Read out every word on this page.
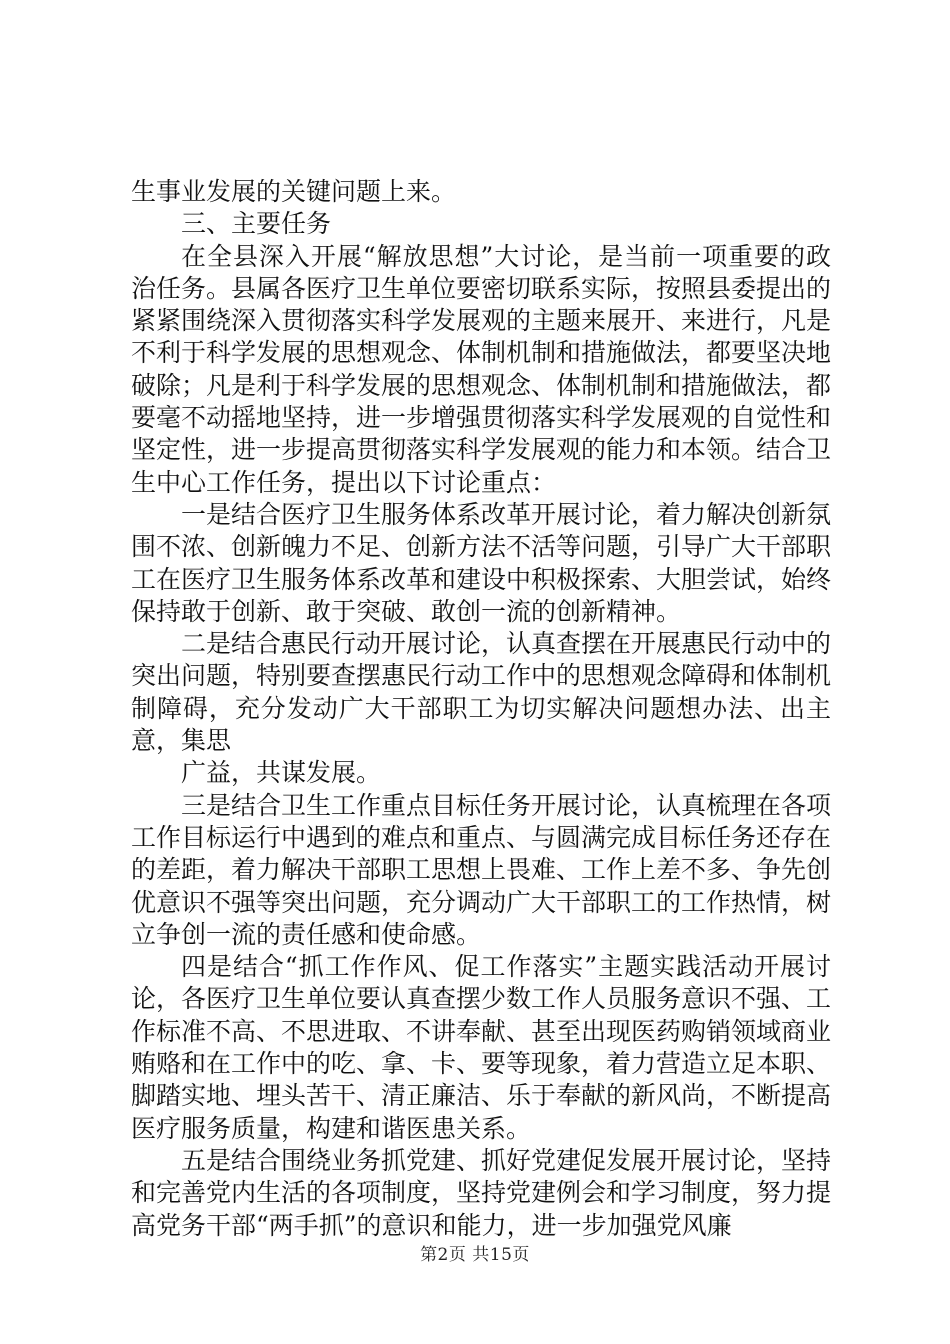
生事业发展的关键问题上来。

三、主要任务

在全县深入开展“解放思想”大讨论，是当前一项重要的政治任务。县属各医疗卫生单位要密切联系实际，按照县委提出的紧紧围绕深入贯彻落实科学发展观的主题来展开、来进行，凡是不利于科学发展的思想观念、体制机制和措施做法，都要坚决地破除；凡是利于科学发展的思想观念、体制机制和措施做法，都要毫不动摇地坚持，进一步增强贯彻落实科学发展观的自觉性和坚定性，进一步提高贯彻落实科学发展观的能力和本领。结合卫生中心工作任务，提出以下讨论重点：

一是结合医疗卫生服务体系改革开展讨论，着力解决创新氛围不浓、创新魄力不足、创新方法不活等问题，引导广大干部职工在医疗卫生服务体系改革和建设中积极探索、大胆尝试，始终保持敢于创新、敢于突破、敢创一流的创新精神。

二是结合惠民行动开展讨论，认真查摆在开展惠民行动中的突出问题，特别要查摆惠民行动工作中的思想观念障碍和体制机制障碍，充分发动广大干部职工为切实解决问题想办法、出主意，集思

广益，共谋发展。

三是结合卫生工作重点目标任务开展讨论，认真梳理在各项工作目标运行中遇到的难点和重点、与圆满完成目标任务还存在的差距，着力解决干部职工思想上畏难、工作上差不多、争先创优意识不强等突出问题，充分调动广大干部职工的工作热情，树立争创一流的责任感和使命感。

四是结合“抓工作作风、促工作落实”主题实践活动开展讨论，各医疗卫生单位要认真查摆少数工作人员服务意识不强、工作标准不高、不思进取、不讲奉献、甚至出现医药购销领域商业贿赂和在工作中的吃、拿、卡、要等现象，着力营造立足本职、脚踏实地、埋头苦干、清正廉洁、乐于奉献的新风尚，不断提高医疗服务质量，构建和谐医患关系。

五是结合围绕业务抓党建、抓好党建促发展开展讨论，坚持和完善党内生活的各项制度，坚持党建例会和学习制度，努力提高党务干部“两手抓”的意识和能力，进一步加强党风廉

第2页 共15页
